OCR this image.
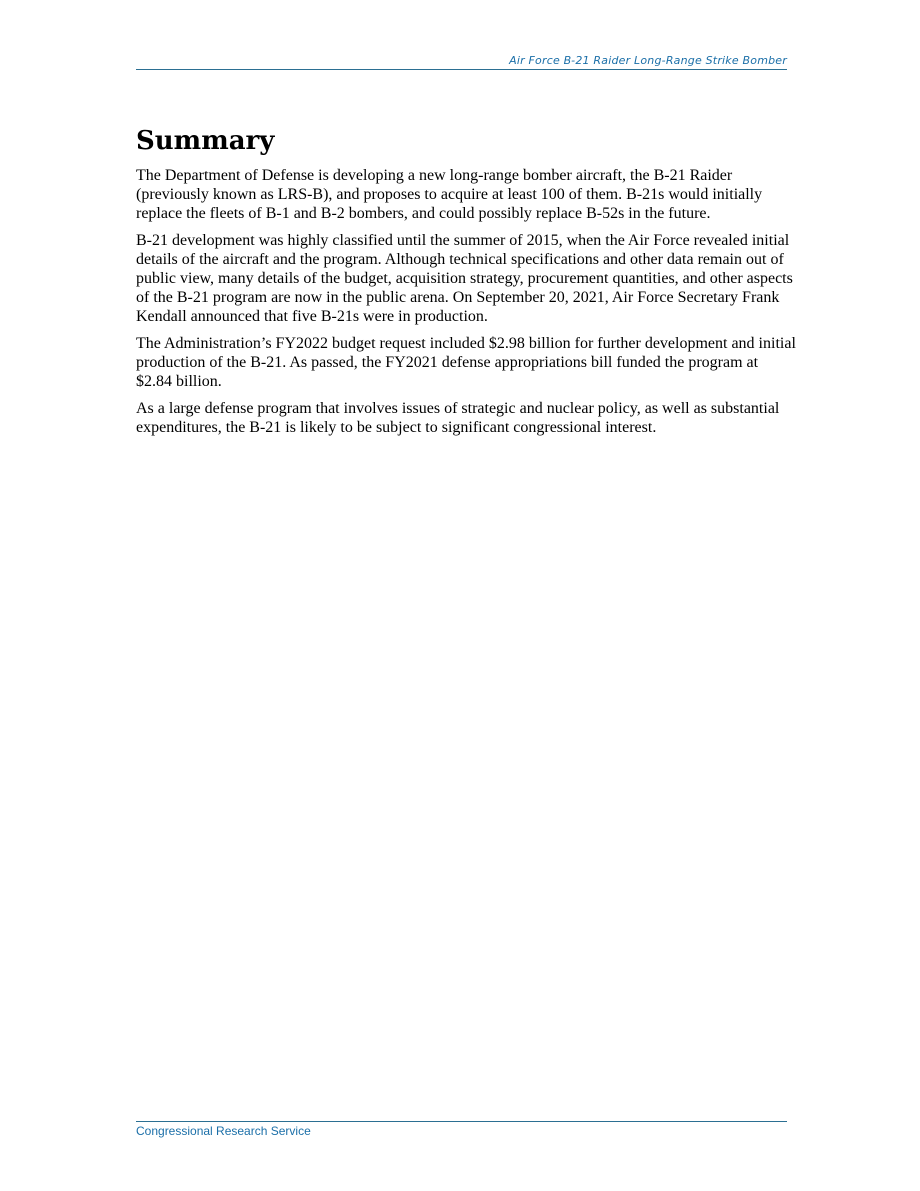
Air Force B-21 Raider Long-Range Strike Bomber
Summary

The Department of Defense is developing a new long-range bomber aircraft, the B-21 Raider (previously known as LRS-B), and proposes to acquire at least 100 of them. B-21s would initially replace the fleets of B-1 and B-2 bombers, and could possibly replace B-52s in the future.

B-21 development was highly classified until the summer of 2015, when the Air Force revealed initial details of the aircraft and the program. Although technical specifications and other data remain out of public view, many details of the budget, acquisition strategy, procurement quantities, and other aspects of the B-21 program are now in the public arena. On September 20, 2021, Air Force Secretary Frank Kendall announced that five B-21s were in production.

The Administration’s FY2022 budget request included $2.98 billion for further development and initial production of the B-21. As passed, the FY2021 defense appropriations bill funded the program at $2.84 billion.

As a large defense program that involves issues of strategic and nuclear policy, as well as substantial expenditures, the B-21 is likely to be subject to significant congressional interest.

Congressional Research Service
